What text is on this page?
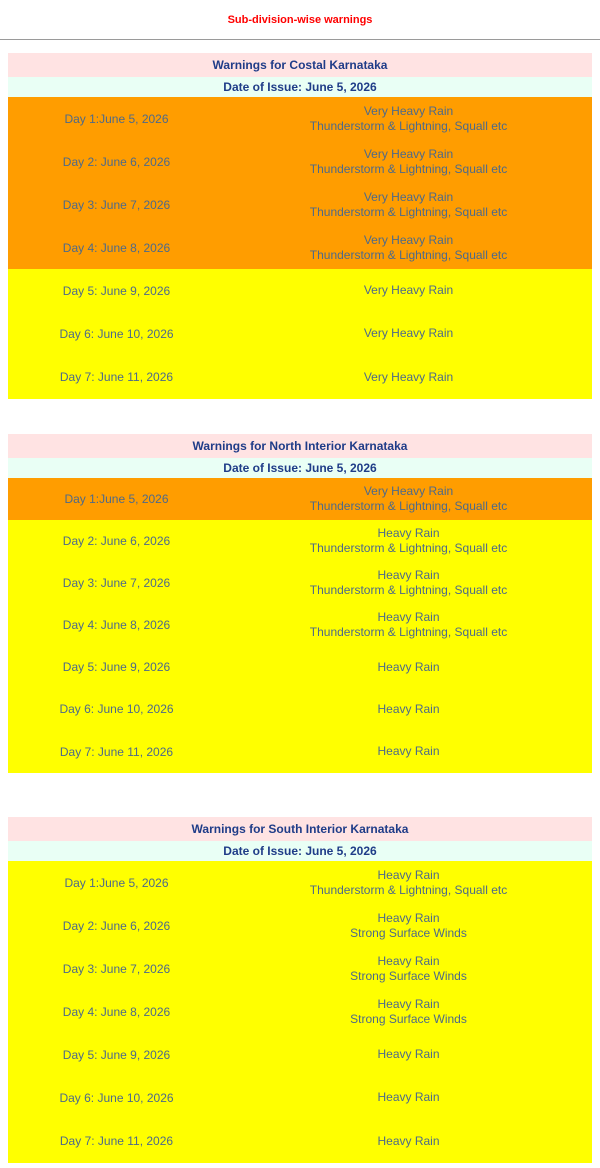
Sub-division-wise warnings
Warnings for Costal Karnataka
Date of Issue: June 5, 2026
Day 1:June 5, 2026
Very Heavy Rain
Thunderstorm & Lightning, Squall etc
Day 2: June 6, 2026
Very Heavy Rain
Thunderstorm & Lightning, Squall etc
Day 3: June 7, 2026
Very Heavy Rain
Thunderstorm & Lightning, Squall etc
Day 4: June 8, 2026
Very Heavy Rain
Thunderstorm & Lightning, Squall etc
Day 5: June 9, 2026	Very Heavy Rain
Day 6: June 10, 2026	Very Heavy Rain
Day 7: June 11, 2026	Very Heavy Rain
Warnings for North Interior Karnataka
Date of Issue: June 5, 2026
Day 1:June 5, 2026
Very Heavy Rain
Thunderstorm & Lightning, Squall etc
Day 2: June 6, 2026
Heavy Rain
Thunderstorm & Lightning, Squall etc
Day 3: June 7, 2026
Heavy Rain
Thunderstorm & Lightning, Squall etc
Day 4: June 8, 2026
Heavy Rain
Thunderstorm & Lightning, Squall etc
Day 5: June 9, 2026	Heavy Rain
Day 6: June 10, 2026	Heavy Rain
Day 7: June 11, 2026	Heavy Rain
Warnings for South Interior Karnataka
Date of Issue: June 5, 2026
Day 1:June 5, 2026
Heavy Rain
Thunderstorm & Lightning, Squall etc
Day 2: June 6, 2026
Heavy Rain
Strong Surface Winds
Day 3: June 7, 2026
Heavy Rain
Strong Surface Winds
Day 4: June 8, 2026
Heavy Rain
Strong Surface Winds
Day 5: June 9, 2026	Heavy Rain
Day 6: June 10, 2026	Heavy Rain
Day 7: June 11, 2026	Heavy Rain
